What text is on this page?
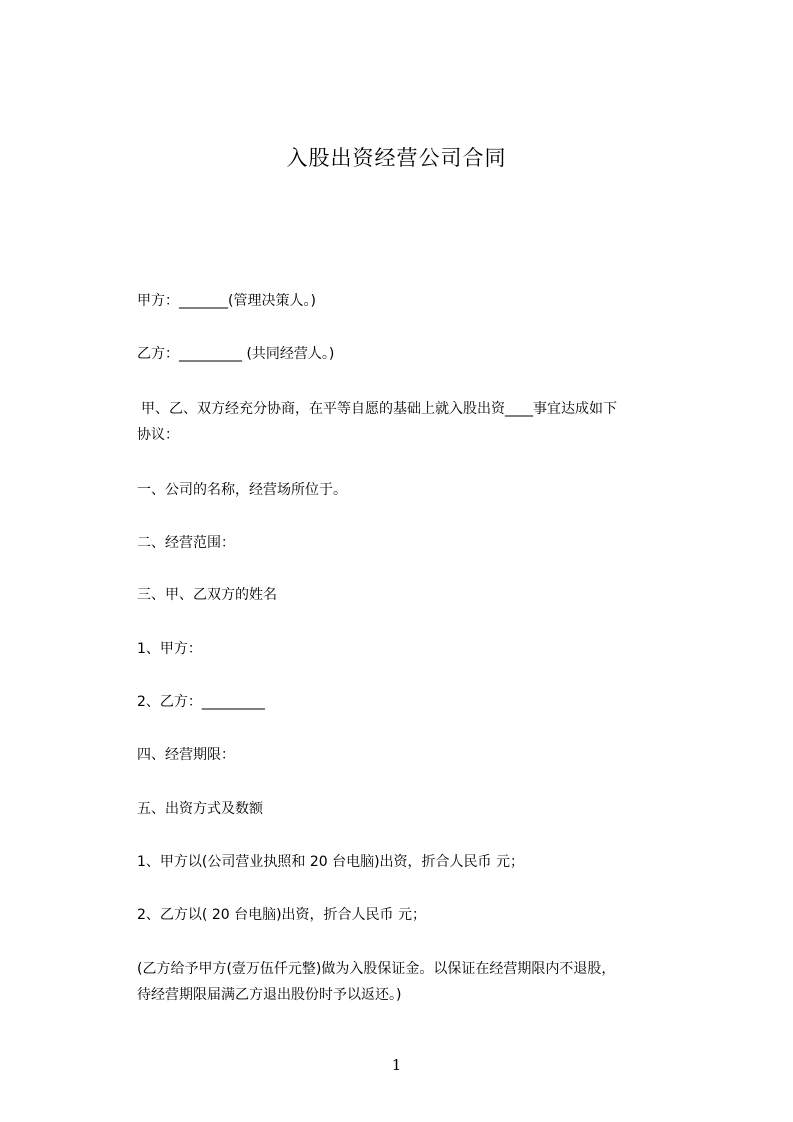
入股出资经营公司合同
甲方：_______(管理决策人。)
乙方：_________ (共同经营人。)
甲、乙、双方经充分协商，在平等自愿的基础上就入股出资____事宜达成如下
协议：
一、公司的名称，经营场所位于。
二、经营范围：
三、甲、乙双方的姓名
1、甲方：
2、乙方：_________
四、经营期限：
五、出资方式及数额
1、甲方以(公司营业执照和 20 台电脑)出资，折合人民币 元；
2、乙方以( 20 台电脑)出资，折合人民币 元；
(乙方给予甲方(壹万伍仟元整)做为入股保证金。以保证在经营期限内不退股，
待经营期限届满乙方退出股份时予以返还。)
1
